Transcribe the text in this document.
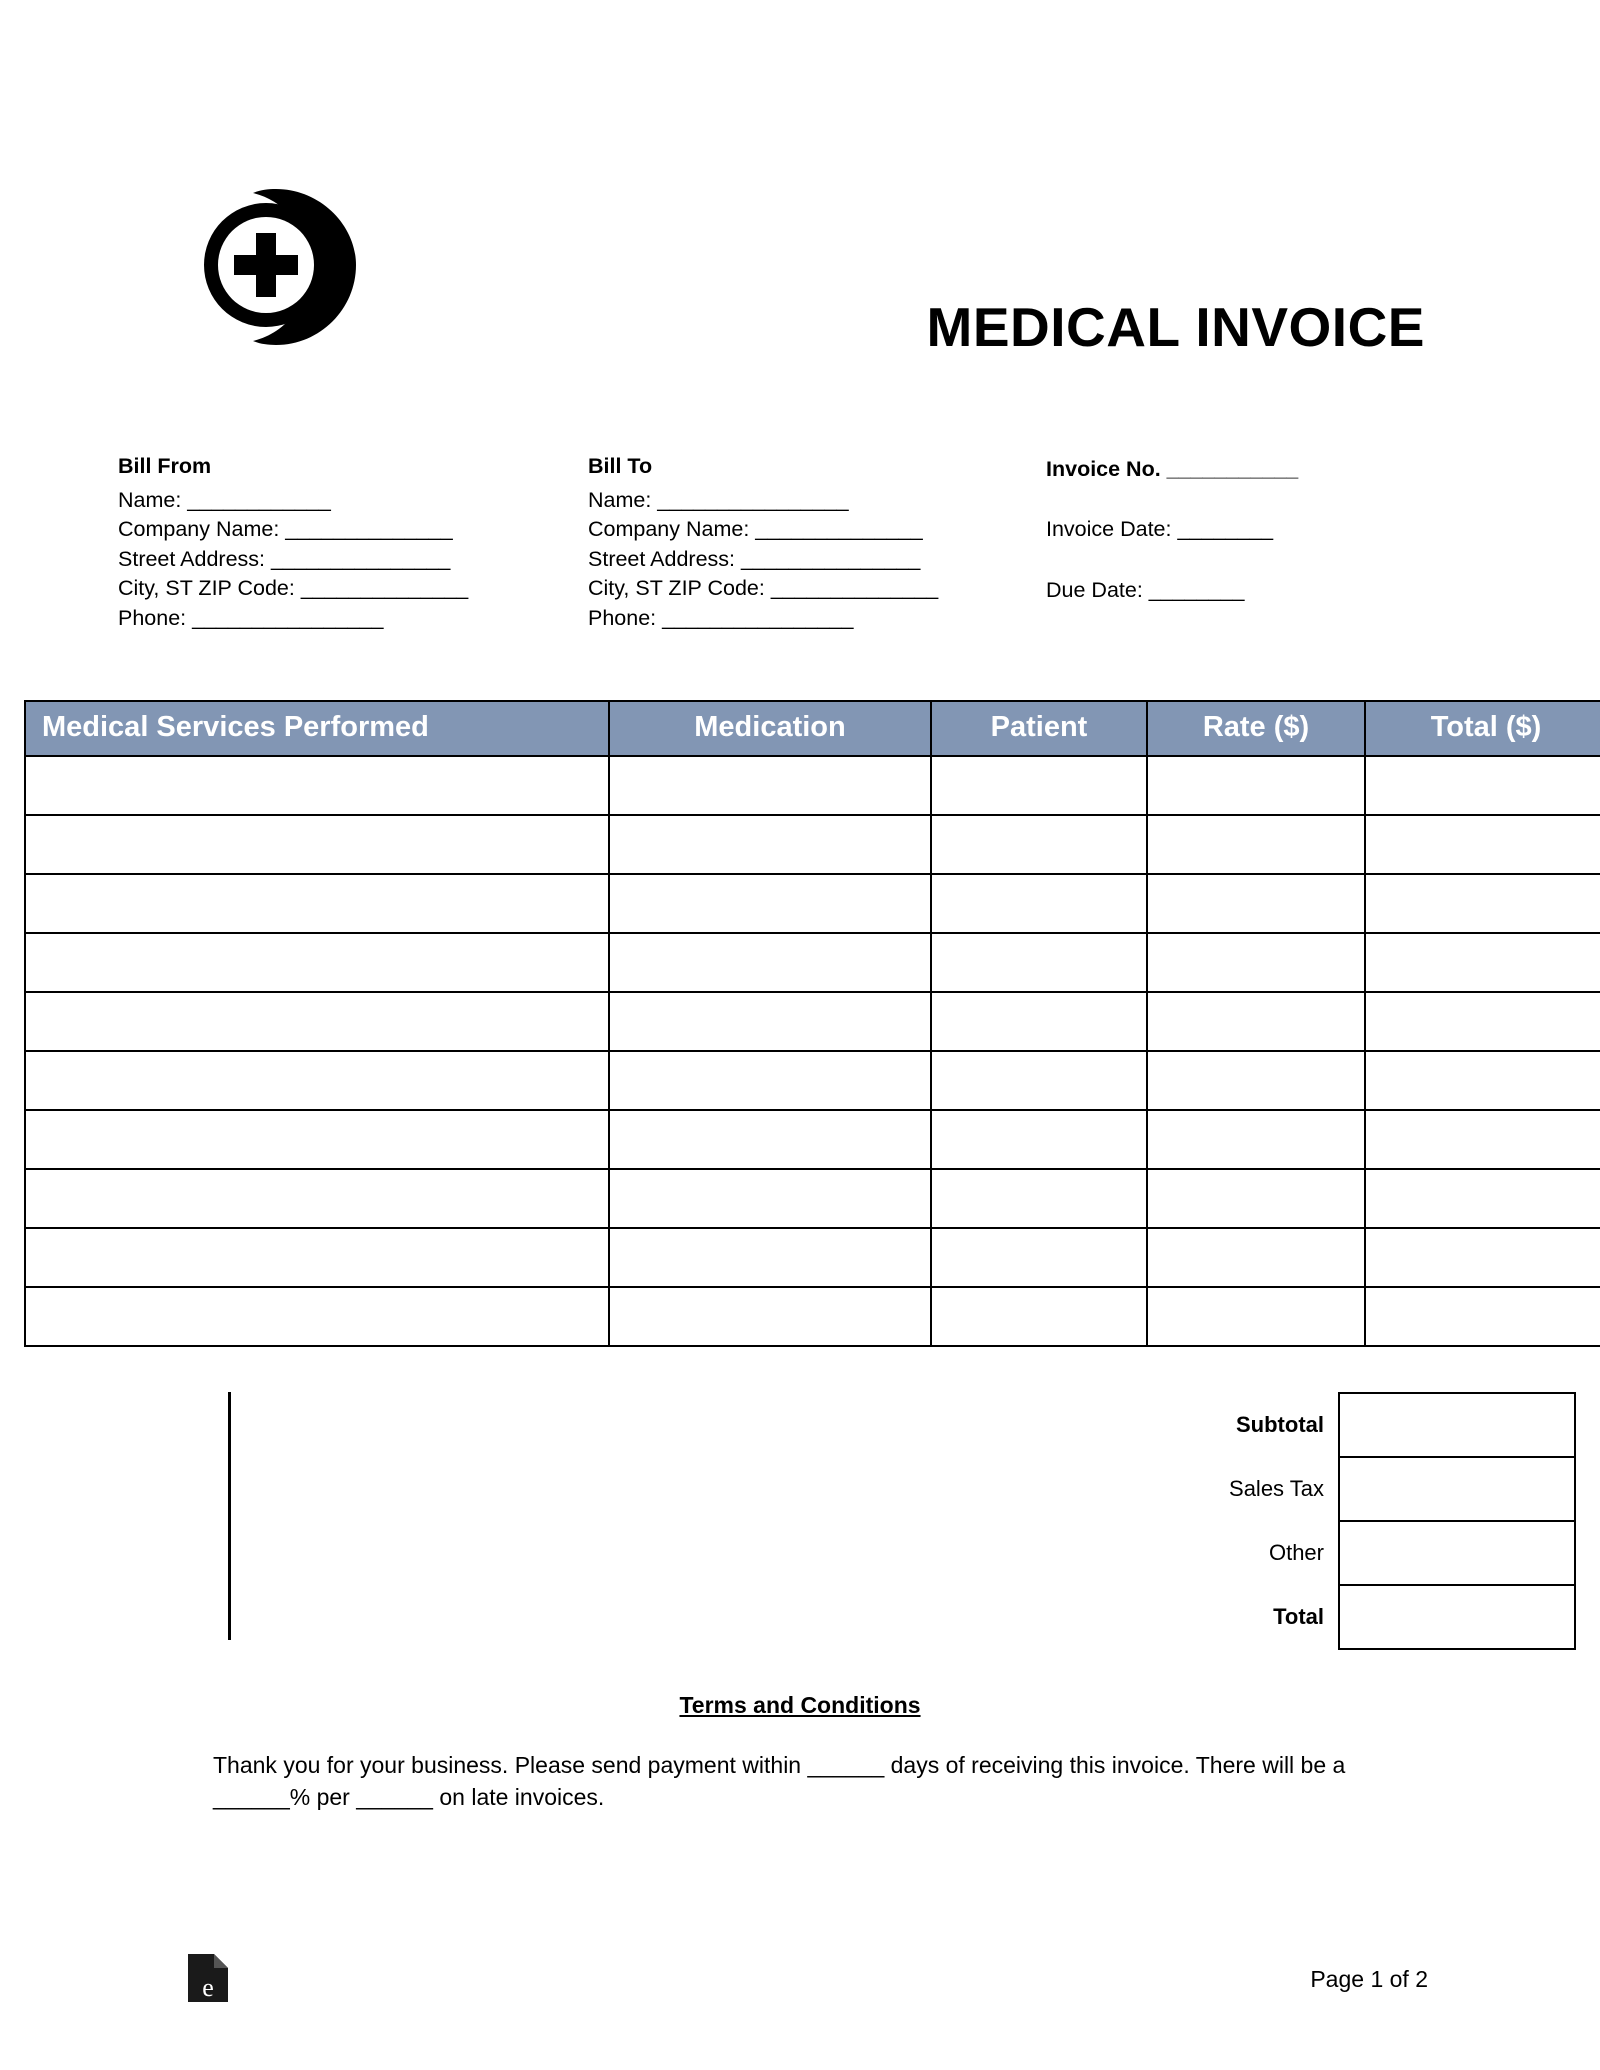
MEDICAL INVOICE
Bill From
Name: ____________
Company Name: ______________
Street Address: _______________
City, ST ZIP Code: ______________
Phone: ________________
Bill To
Name: ________________
Company Name: ______________
Street Address: _______________
City, ST ZIP Code: ______________
Phone: ________________
Invoice No. ___________
Invoice Date: ________
Due Date: ________
Medical Services Performed	Medication	Patient	Rate ($)	Total ($)

Subtotal	
Sales Tax	
Other	
Total	
Terms and Conditions
Thank you for your business. Please send payment within ______ days of receiving this invoice. There will be a ______% per ______ on late invoices.
e	Page 1 of 2
